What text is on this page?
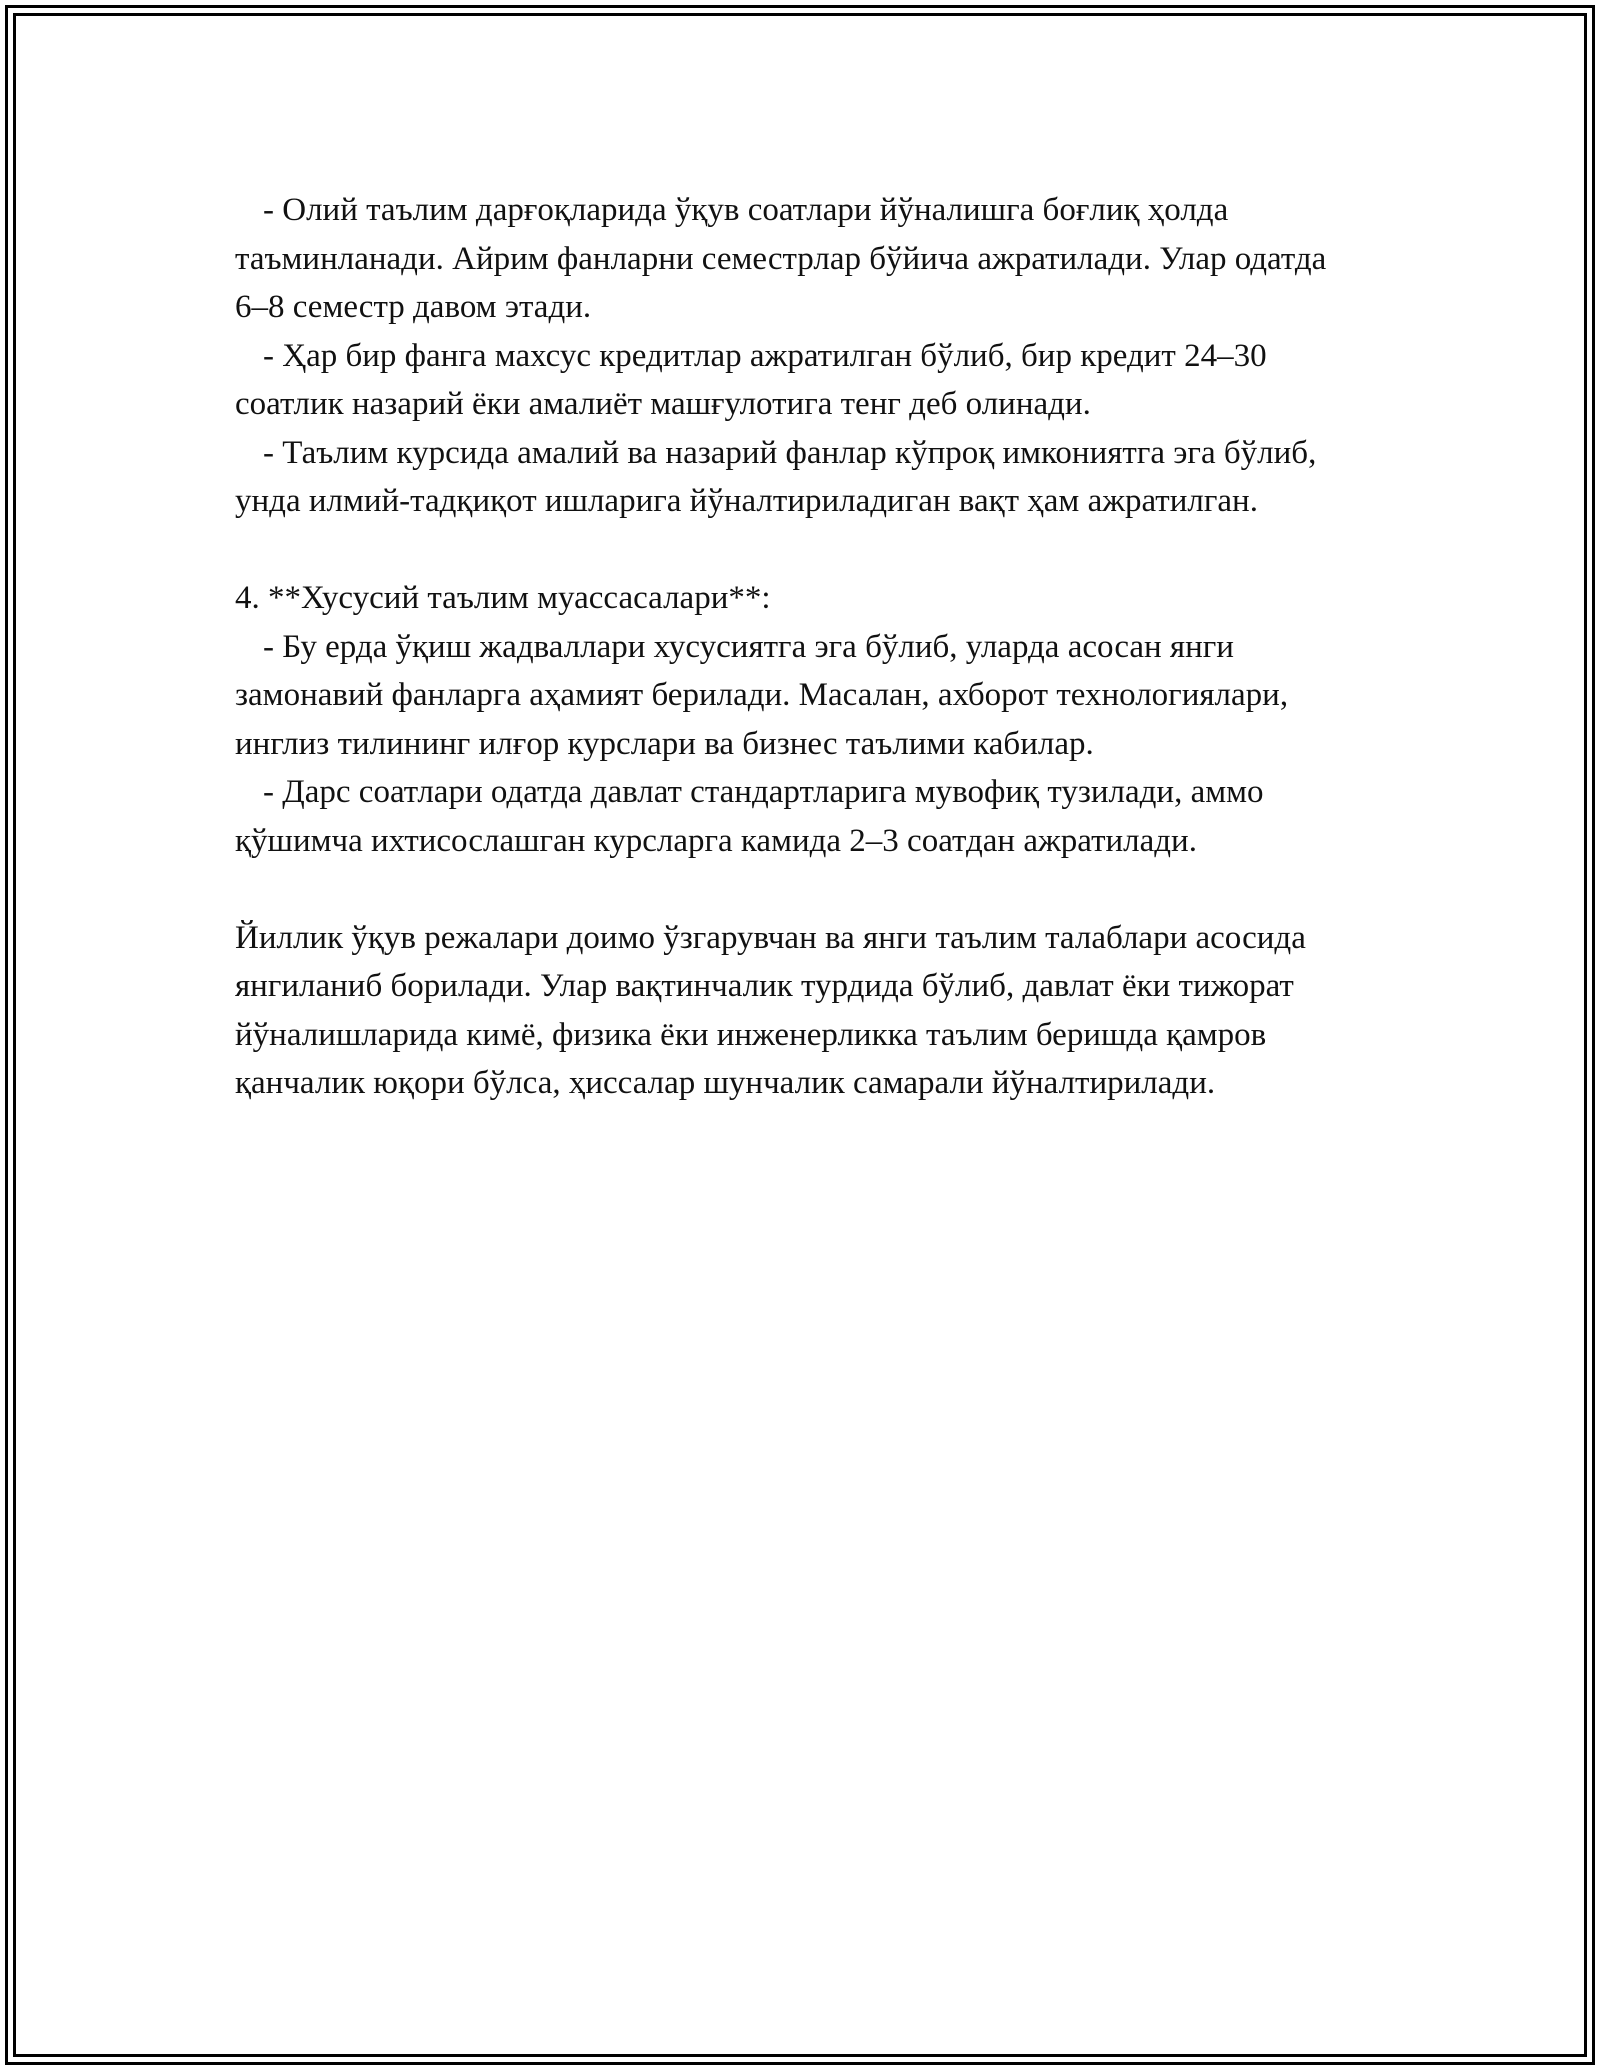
- Олий таълим дарғоқларида ўқув соатлари йўналишга боғлиқ ҳолда таъминланади. Айрим фанларни семестрлар бўйича ажратилади. Улар одатда 6–8 семестр давом этади.

- Ҳар бир фанга махсус кредитлар ажратилган бўлиб, бир кредит 24–30 соатлик назарий ёки амалиёт машғулотига тенг деб олинади.

- Таълим курсида амалий ва назарий фанлар кўпроқ имкониятга эга бўлиб, унда илмий-тадқиқот ишларига йўналтириладиган вақт ҳам ажратилган.

4. **Хусусий таълим муассасалари**:

- Бу ерда ўқиш жадваллари хусусиятга эга бўлиб, уларда асосан янги замонавий фанларга аҳамият берилади. Масалан, ахборот технологиялари, инглиз тилининг илғор курслари ва бизнес таълими кабилар.

- Дарс соатлари одатда давлат стандартларига мувофиқ тузилади, аммо қўшимча ихтисослашган курсларга камида 2–3 соатдан ажратилади.

Йиллик ўқув режалари доимо ўзгарувчан ва янги таълим талаблари асосида янгиланиб борилади. Улар вақтинчалик турдида бўлиб, давлат ёки тижорат йўналишларида кимё, физика ёки инженерликка таълим беришда қамров қанчалик юқори бўлса, ҳиссалар шунчалик самарали йўналтирилади.
